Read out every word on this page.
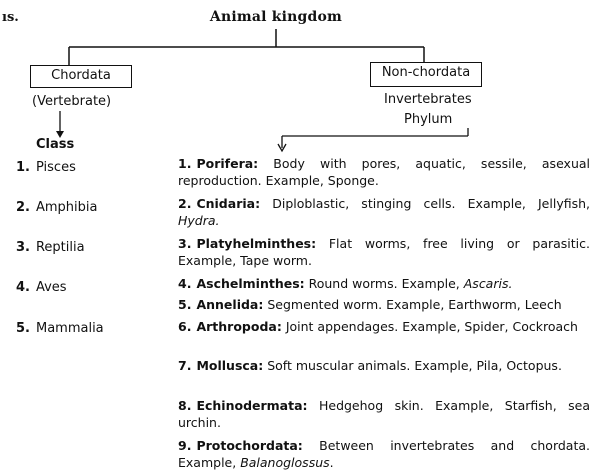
ıs.	Animal kingdom
Chordata	Non-chordata
(Vertebrate)	Invertebrates
Phylum
Class
1. Pisces
2. Amphibia
3. Reptilia
4. Aves
5. Mammalia
1. Porifera: Body with pores, aquatic, sessile, asexual reproduction. Example, Sponge.
2. Cnidaria: Diploblastic, stinging cells. Example, Jellyfish, Hydra.
3. Platyhelminthes: Flat worms, free living or parasitic. Example, Tape worm.
4. Aschelminthes: Round worms. Example, Ascaris.
5. Annelida: Segmented worm. Example, Earthworm, Leech
6. Arthropoda: Joint appendages. Example, Spider, Cockroach
7. Mollusca: Soft muscular animals. Example, Pila, Octopus.
8. Echinodermata: Hedgehog skin. Example, Starfish, sea urchin.
9. Protochordata: Between invertebrates and chordata. Example, Balanoglossus.
